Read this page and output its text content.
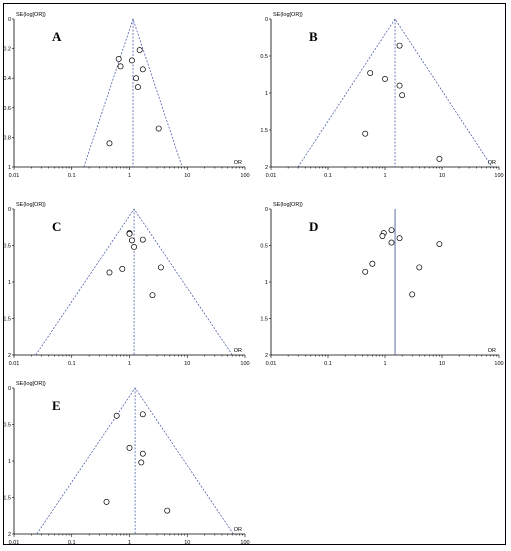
0
0.2
0.4
0.6
0.8
1
0.01	0.1	1	10	100
SE(log[OR])
OR
A
0
0.5
1
1.5
2
0.01	0.1	1	10	100
SE(log[OR])
OR
B
0
0.5
1
1.5
2
0.01	0.1	1	10	100
SE(log[OR])
OR
C
0
0.5
1
1.5
2
0.01	0.1	1	10	100
SE(log[OR])
OR
D
0
0.5
1
1.5
2
0.01	0.1	1	10	100
SE(log[OR])
OR
E
